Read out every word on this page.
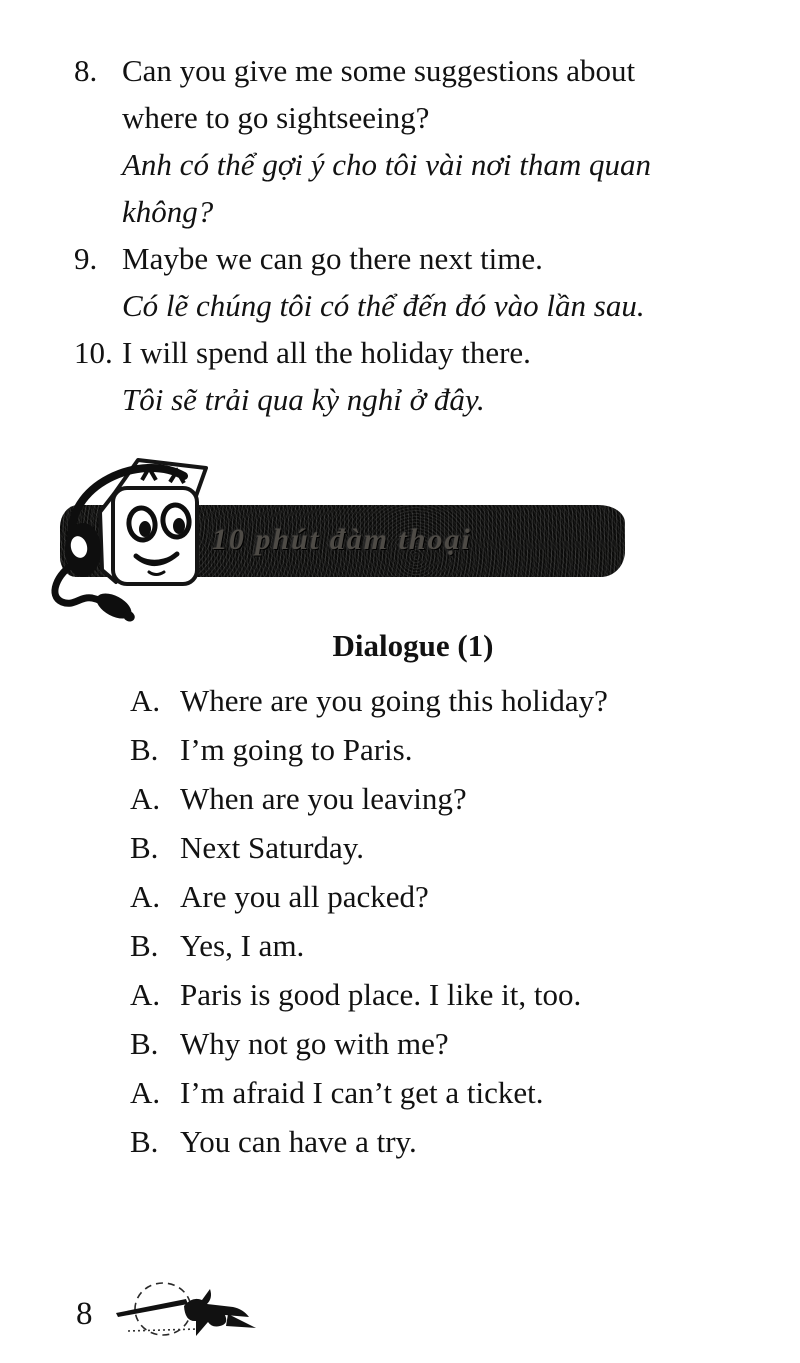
8. Can you give me some suggestions about
where to go sightseeing?
Anh có thể gợi ý cho tôi vài nơi tham quan
không?
9. Maybe we can go there next time.
Có lẽ chúng tôi có thể đến đó vào lần sau.
10. I will spend all the holiday there.
Tôi sẽ trải qua kỳ nghỉ ở đây.
10 phút đàm thoại
Dialogue (1)
A. Where are you going this holiday?
B. I’m going to Paris.
A. When are you leaving?
B. Next Saturday.
A. Are you all packed?
B. Yes, I am.
A. Paris is good place. I like it, too.
B. Why not go with me?
A. I’m afraid I can’t get a ticket.
B. You can have a try.
8
